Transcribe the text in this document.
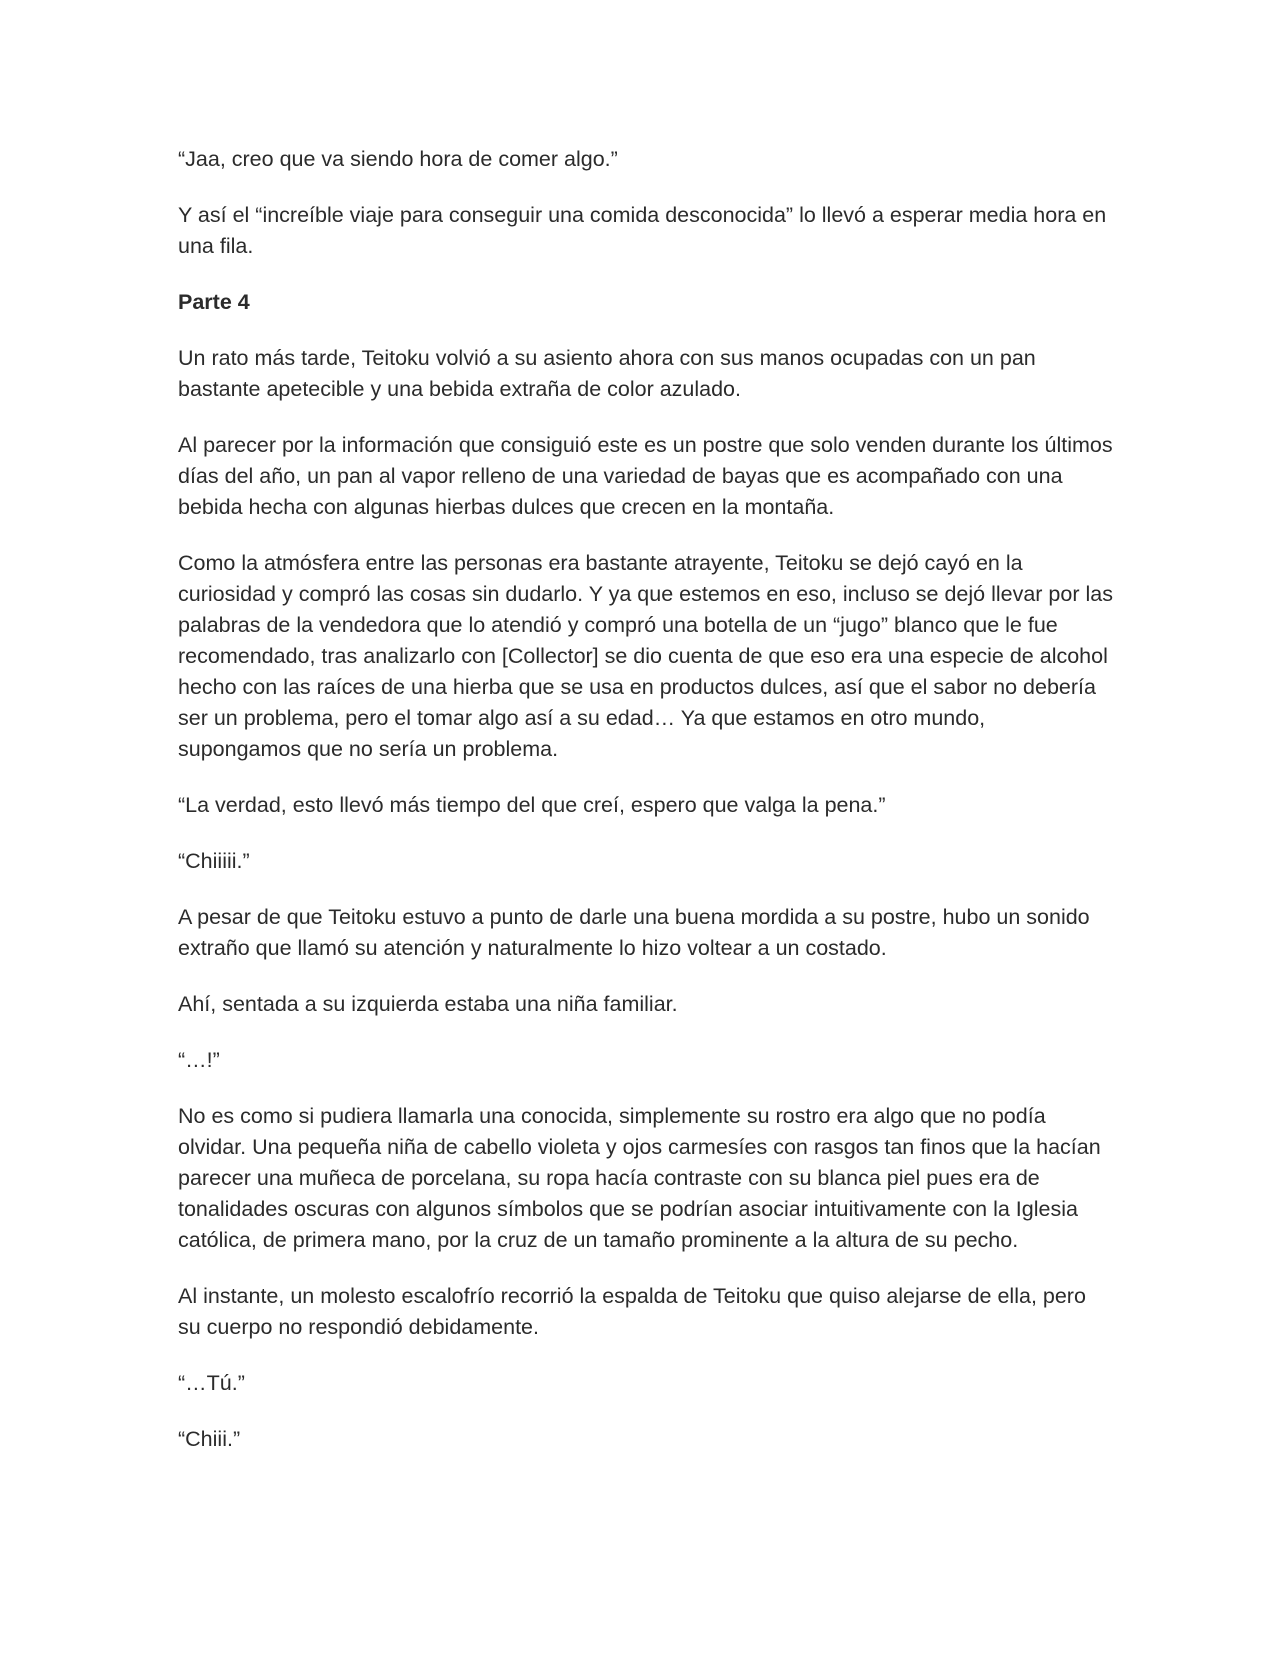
“Jaa, creo que va siendo hora de comer algo.”

Y así el “increíble viaje para conseguir una comida desconocida” lo llevó a esperar media hora en una fila.

Parte 4

Un rato más tarde, Teitoku volvió a su asiento ahora con sus manos ocupadas con un pan bastante apetecible y una bebida extraña de color azulado.

Al parecer por la información que consiguió este es un postre que solo venden durante los últimos días del año, un pan al vapor relleno de una variedad de bayas que es acompañado con una bebida hecha con algunas hierbas dulces que crecen en la montaña.

Como la atmósfera entre las personas era bastante atrayente, Teitoku se dejó cayó en la curiosidad y compró las cosas sin dudarlo. Y ya que estemos en eso, incluso se dejó llevar por las palabras de la vendedora que lo atendió y compró una botella de un “jugo” blanco que le fue recomendado, tras analizarlo con [Collector] se dio cuenta de que eso era una especie de alcohol hecho con las raíces de una hierba que se usa en productos dulces, así que el sabor no debería ser un problema, pero el tomar algo así a su edad… Ya que estamos en otro mundo, supongamos que no sería un problema.

“La verdad, esto llevó más tiempo del que creí, espero que valga la pena.”

“Chiiiii.”

A pesar de que Teitoku estuvo a punto de darle una buena mordida a su postre, hubo un sonido extraño que llamó su atención y naturalmente lo hizo voltear a un costado.

Ahí, sentada a su izquierda estaba una niña familiar.

“…!”

No es como si pudiera llamarla una conocida, simplemente su rostro era algo que no podía olvidar. Una pequeña niña de cabello violeta y ojos carmesíes con rasgos tan finos que la hacían parecer una muñeca de porcelana, su ropa hacía contraste con su blanca piel pues era de tonalidades oscuras con algunos símbolos que se podrían asociar intuitivamente con la Iglesia católica, de primera mano, por la cruz de un tamaño prominente a la altura de su pecho.

Al instante, un molesto escalofrío recorrió la espalda de Teitoku que quiso alejarse de ella, pero su cuerpo no respondió debidamente.

“…Tú.”

“Chiii.”
